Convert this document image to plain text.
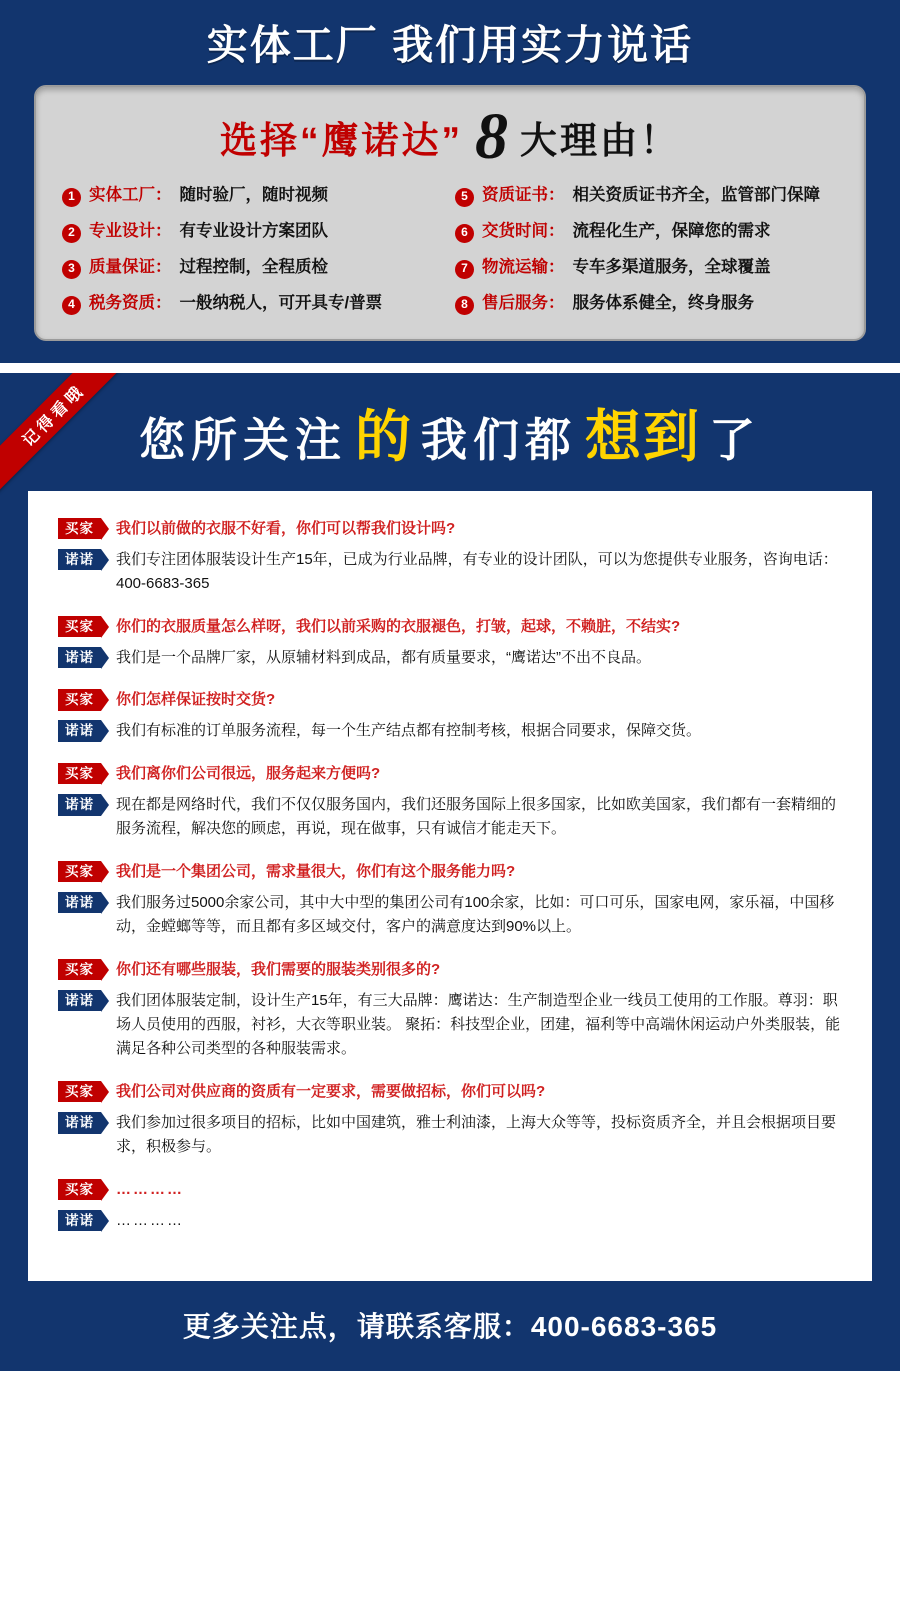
实体工厂 我们用实力说话
选择“鹰诺达” 8 大理由！
1 实体工厂： 随时验厂，随时视频	5 资质证书： 相关资质证书齐全，监管部门保障
2 专业设计： 有专业设计方案团队	6 交货时间： 流程化生产，保障您的需求
3 质量保证： 过程控制，全程质检	7 物流运输： 专车多渠道服务，全球覆盖
4 税务资质： 一般纳税人，可开具专/普票	8 售后服务： 服务体系健全，终身服务
记得看哦	您所关注 的 我们都 想到 了
买家	我们以前做的衣服不好看，你们可以帮我们设计吗?
诺诺	我们专注团体服装设计生产15年，已成为行业品牌，有专业的设计团队，可以为您提供专业服务，咨询电话：400-6683-365
买家	你们的衣服质量怎么样呀，我们以前采购的衣服褪色，打皱，起球，不赖脏，不结实?
诺诺	我们是一个品牌厂家，从原辅材料到成品，都有质量要求，“鹰诺达”不出不良品。
买家	你们怎样保证按时交货?
诺诺	我们有标准的订单服务流程，每一个生产结点都有控制考核，根据合同要求，保障交货。
买家	我们离你们公司很远，服务起来方便吗?
诺诺	现在都是网络时代，我们不仅仅服务国内，我们还服务国际上很多国家，比如欧美国家，我们都有一套精细的服务流程，解决您的顾虑，再说，现在做事，只有诚信才能走天下。
买家	我们是一个集团公司，需求量很大，你们有这个服务能力吗?
诺诺	我们服务过5000余家公司，其中大中型的集团公司有100余家，比如：可口可乐，国家电网，家乐福，中国移动，金螳螂等等，而且都有多区域交付，客户的满意度达到90%以上。
买家	你们还有哪些服装，我们需要的服装类别很多的?
诺诺	我们团体服装定制，设计生产15年，有三大品牌：鹰诺达：生产制造型企业一线员工使用的工作服。尊羽：职场人员使用的西服，衬衫，大衣等职业装。 聚拓：科技型企业，团建，福利等中高端休闲运动户外类服装，能满足各种公司类型的各种服装需求。
买家	我们公司对供应商的资质有一定要求，需要做招标，你们可以吗?
诺诺	我们参加过很多项目的招标，比如中国建筑，雅士利油漆，上海大众等等，投标资质齐全，并且会根据项目要求，积极参与。
买家	…………
诺诺	…………
更多关注点，请联系客服：400-6683-365
